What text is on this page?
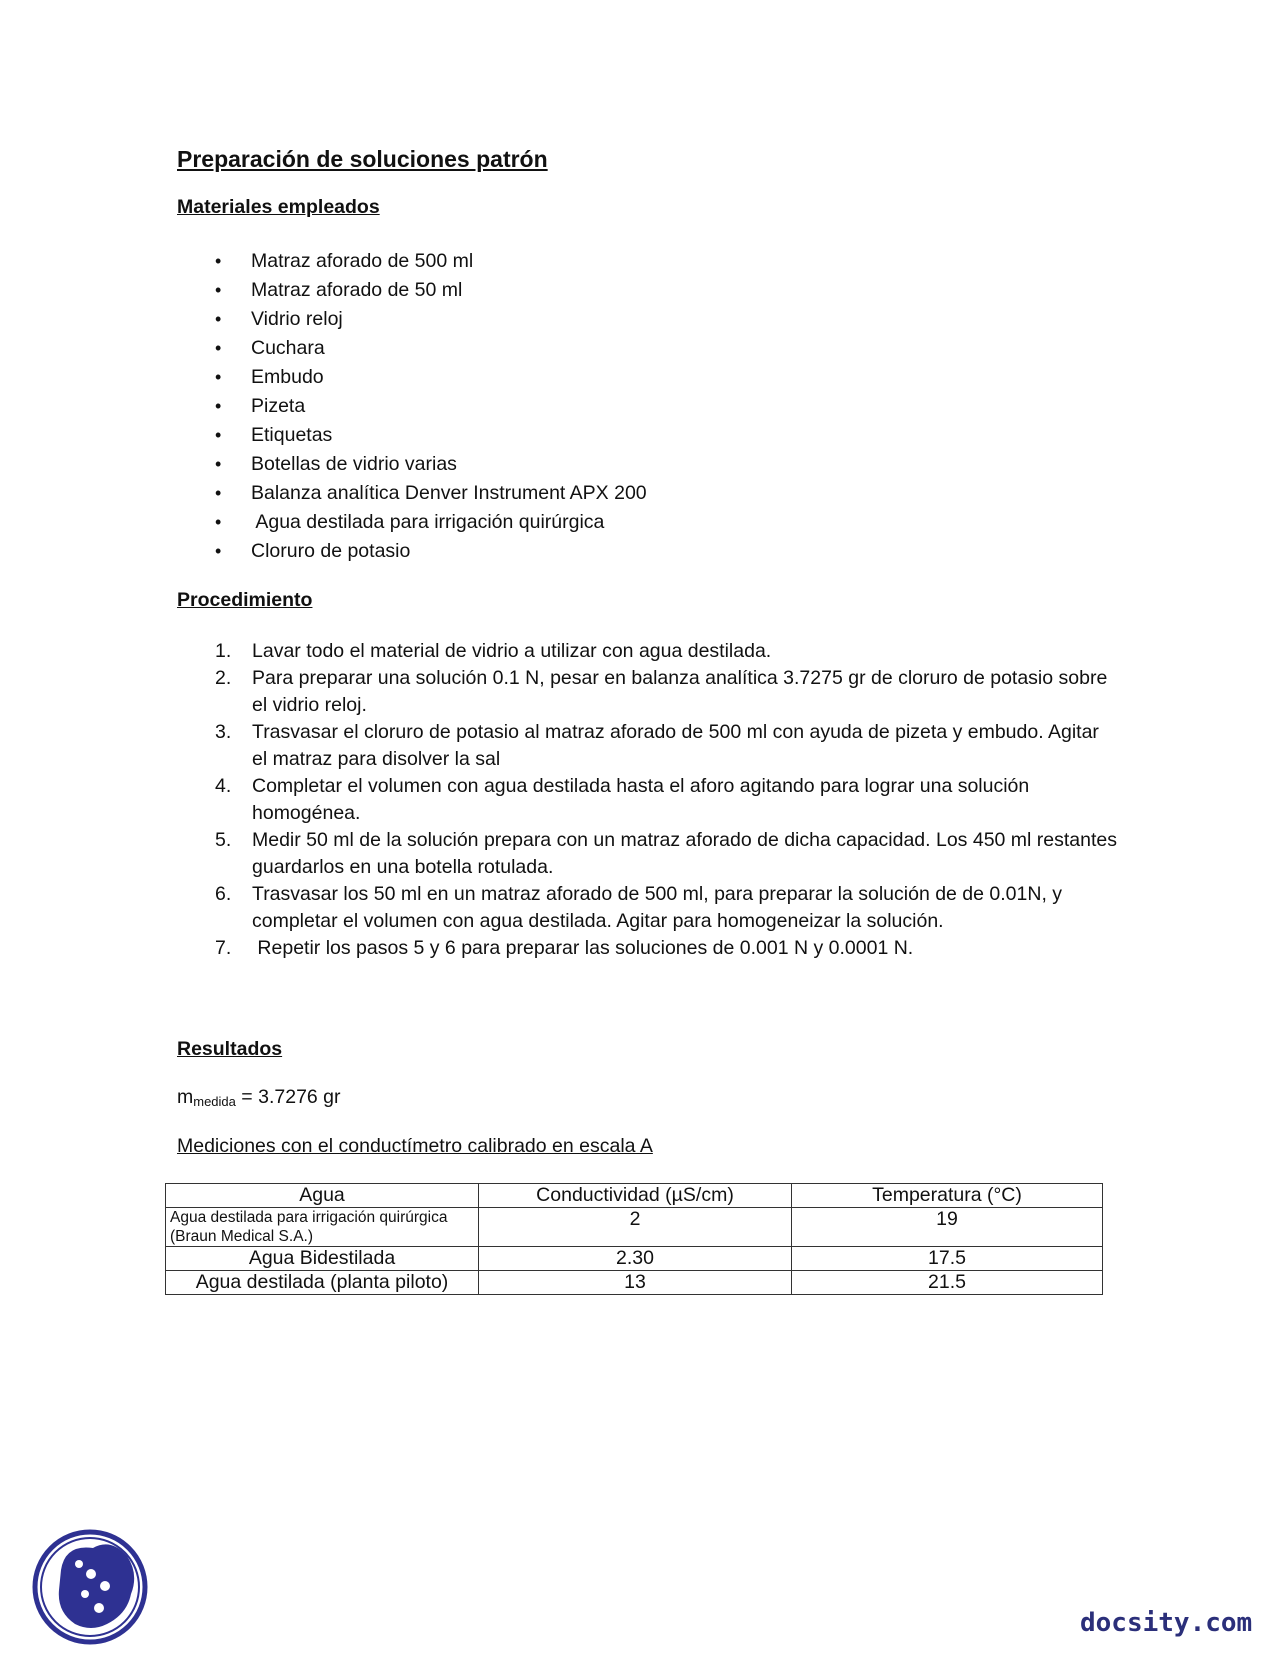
Preparación de soluciones patrón
Materiales empleados
• Matraz aforado de 500 ml
• Matraz aforado de 50 ml
• Vidrio reloj
• Cuchara
• Embudo
• Pizeta
• Etiquetas
• Botellas de vidrio varias
• Balanza analítica Denver Instrument APX 200
•  Agua destilada para irrigación quirúrgica
• Cloruro de potasio
Procedimiento
1. Lavar todo el material de vidrio a utilizar con agua destilada.
2. Para preparar una solución 0.1 N, pesar en balanza analítica 3.7275 gr de cloruro de potasio sobre el vidrio reloj.
3. Trasvasar el cloruro de potasio al matraz aforado de 500 ml con ayuda de pizeta y embudo. Agitar el matraz para disolver la sal
4. Completar el volumen con agua destilada hasta el aforo agitando para lograr una solución homogénea.
5. Medir 50 ml de la solución prepara con un matraz aforado de dicha capacidad. Los 450 ml restantes guardarlos en una botella rotulada.
6. Trasvasar los 50 ml en un matraz aforado de 500 ml, para preparar la solución de de 0.01N, y completar el volumen con agua destilada. Agitar para homogeneizar la solución.
7. Repetir los pasos 5 y 6 para preparar las soluciones de 0.001 N y 0.0001 N.
Resultados

$m_{medida} = 3.7276$ gr

Mediciones con el conductímetro calibrado en escala A

Agua	Conductividad (µS/cm)	Temperatura (°C)
Agua destilada para irrigación quirúrgica (Braun Medical S.A.)	2	19
Agua Bidestilada	2.30	17.5
Agua destilada (planta piloto)	13	21.5

docsity.com
